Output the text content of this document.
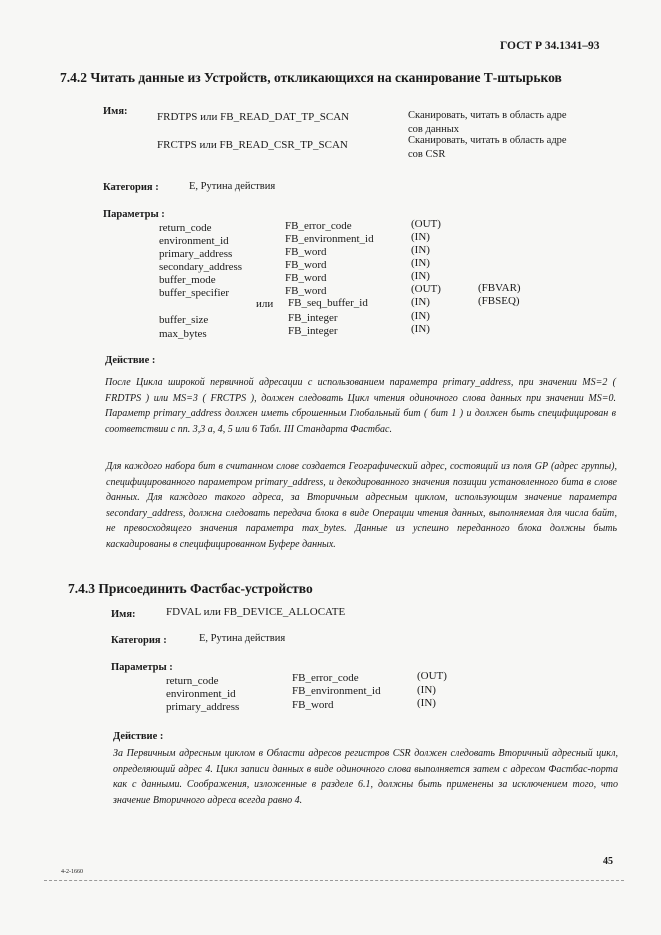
ГОСТ Р 34.1341–93
7.4.2 Читать данные из Устройств, откликающихся на сканирование Т-штырьков
Имя:	FRDTPS или FB_READ_DAT_TP_SCAN	Сканировать, читать в область адре
сов данных
FRCTPS или FB_READ_CSR_TP_SCAN	Сканировать, читать в область адре
сов CSR
Категория :	Е, Рутина действия
Параметры :
return_code	FB_error_code	(OUT)
environment_id	FB_environment_id	(IN)
primary_address	FB_word	(IN)
secondary_address	FB_word	(IN)
buffer_mode	FB_word	(IN)
buffer_specifier	FB_word	(OUT)	(FBVAR)
или FB_seq_buffer_id	(IN)	(FBSEQ)
buffer_size	FB_integer	(IN)
max_bytes	FB_integer	(IN)
Действие :
После Цикла широкой первичной адресации с использованием параметра primary_address, при значении MS=2 ( FRDTPS ) или MS=3 ( FRCTPS ), должен следовать Цикл чтения одиночного слова данных при значении MS=0. Параметр primary_address должен иметь сброшенным Глобальный бит ( бит 1 ) и должен быть специфицирован в соответствии с пп. 3,3 а, 4, 5 или 6 Табл. III Стандарта Фастбас.
Для каждого набора бит в считанном слове создается Географический адрес, состоящий из поля GP (адрес группы), специфицированного параметром primary_address, и декодированного значения позиции установленного бита в слове данных. Для каждого такого адреса, за Вторичным адресным циклом, использующим значение параметра secondary_address, должна следовать передача блока в виде Операции чтения данных, выполняемая для числа байт, не превосходящего значения параметра max_bytes. Данные из успешно переданного блока должны быть каскадированы в специфицированном Буфере данных.
7.4.3 Присоединить Фастбас-устройство
Имя:	FDVAL или FB_DEVICE_ALLOCATE
Категория :	Е, Рутина действия
Параметры :
return_code	FB_error_code	(OUT)
environment_id	FB_environment_id	(IN)
primary_address	FB_word	(IN)
Действие :
За Первичным адресным циклом в Области адресов регистров CSR должен следовать Вторичный адресный цикл, определяющий адрес 4. Цикл записи данных в виде одиночного слова выполняется затем с адресом Фастбас-порта как с данными. Соображения, изложенные в разделе 6.1, должны быть применены за исключением того, что значение Вторичного адреса всегда равно 4.
45
4-2-1660
